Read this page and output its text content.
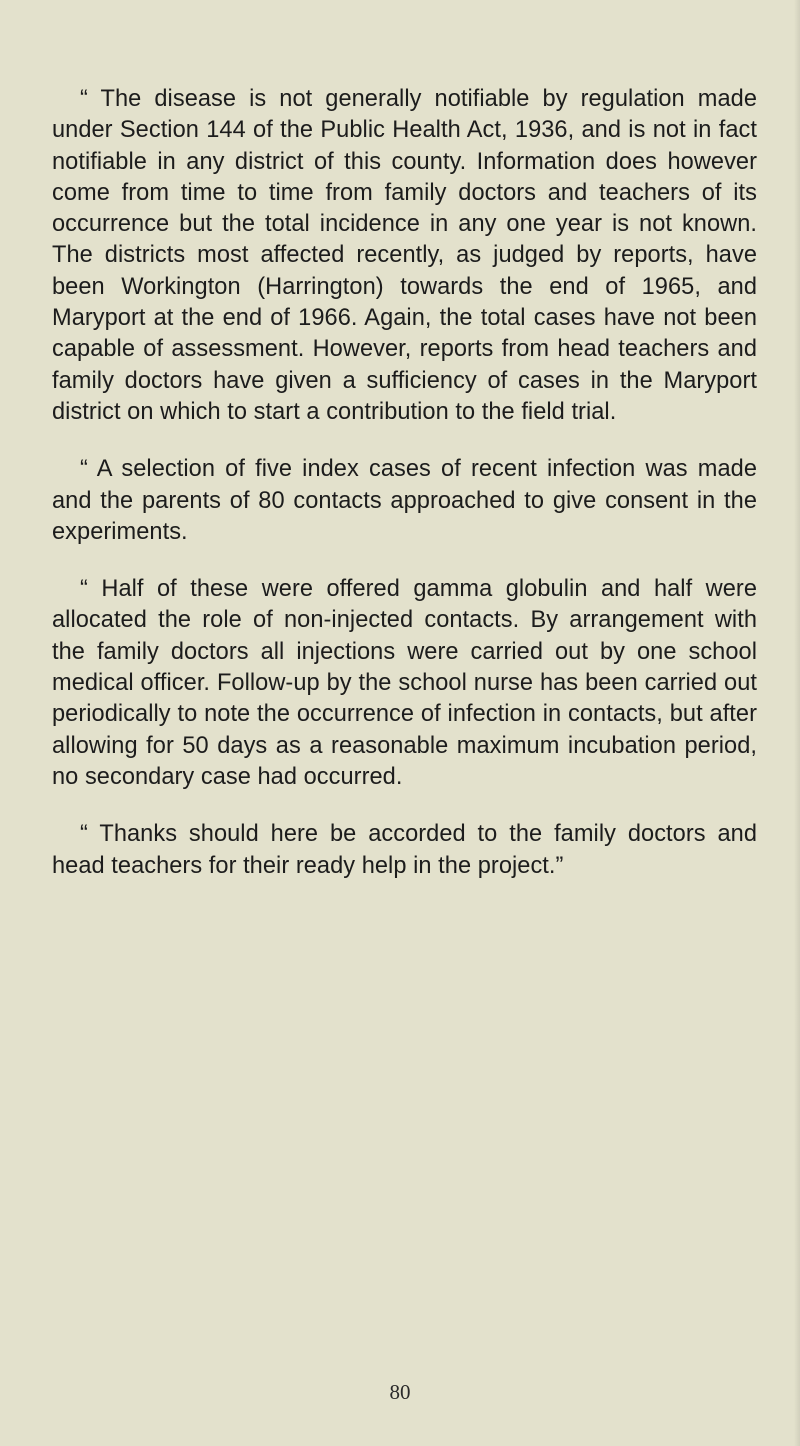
“ The disease is not generally notifiable by regulation made under Section 144 of the Public Health Act, 1936, and is not in fact notifiable in any district of this county. Information does however come from time to time from family doctors and teachers of its occurrence but the total incidence in any one year is not known. The districts most affected recently, as judged by reports, have been Workington (Harrington) towards the end of 1965, and Maryport at the end of 1966. Again, the total cases have not been capable of assessment. However, reports from head teachers and family doctors have given a sufficiency of cases in the Maryport district on which to start a contribution to the field trial.

“ A selection of five index cases of recent infection was made and the parents of 80 contacts approached to give consent in the experiments.

“ Half of these were offered gamma globulin and half were allocated the role of non-injected contacts. By arrangement with the family doctors all injections were carried out by one school medical officer. Follow-up by the school nurse has been carried out periodically to note the occurrence of infection in contacts, but after allowing for 50 days as a reasonable maximum incubation period, no secondary case had occurred.

“ Thanks should here be accorded to the family doctors and head teachers for their ready help in the project.”

80
